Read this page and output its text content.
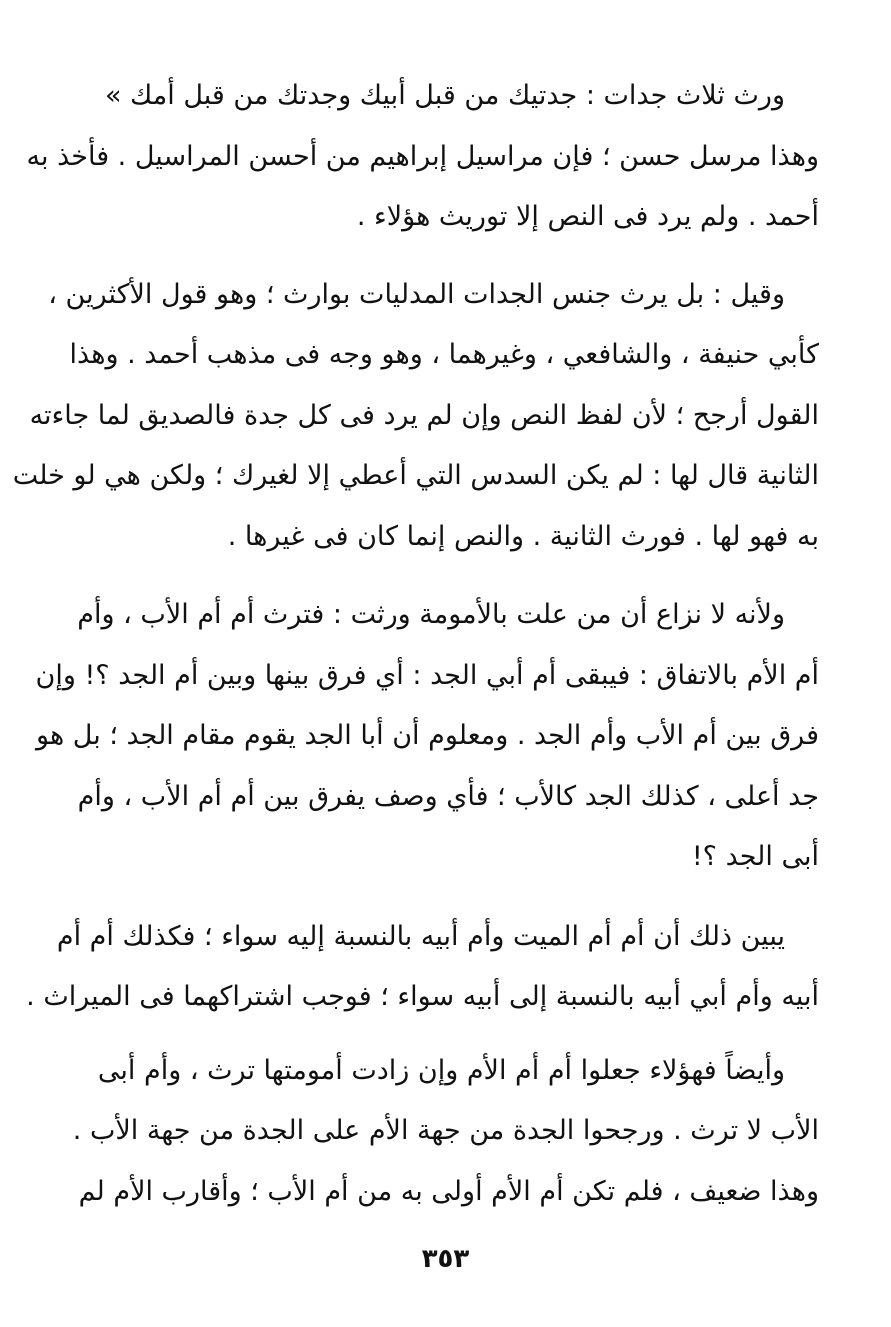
ورث ثلاث جدات : جدتيك من قبل أبيك وجدتك من قبل أمك »
وهذا مرسل حسن ؛ فإن مراسيل إبراهيم من أحسن المراسيل . فأخذ به
أحمد . ولم يرد فى النص إلا توريث هؤلاء .

وقيل : بل يرث جنس الجدات المدليات بوارث ؛ وهو قول الأكثرين ،
كأبي حنيفة ، والشافعي ، وغيرهما ، وهو وجه فى مذهب أحمد . وهذا
القول أرجح ؛ لأن لفظ النص وإن لم يرد فى كل جدة فالصديق لما جاءته
الثانية قال لها : لم يكن السدس التي أعطي إلا لغيرك ؛ ولكن هي لو خلت
به فهو لها . فورث الثانية . والنص إنما كان فى غيرها .

ولأنه لا نزاع أن من علت بالأمومة ورثت : فترث أم أم الأب ، وأم
أم الأم بالاتفاق : فيبقى أم أبي الجد : أي فرق بينها وبين أم الجد ؟! وإن
فرق بين أم الأب وأم الجد . ومعلوم أن أبا الجد يقوم مقام الجد ؛ بل هو
جد أعلى ، كذلك الجد كالأب ؛ فأي وصف يفرق بين أم أم الأب ، وأم
أبى الجد ؟!

يبين ذلك أن أم أم الميت وأم أبيه بالنسبة إليه سواء ؛ فكذلك أم أم
أبيه وأم أبي أبيه بالنسبة إلى أبيه سواء ؛ فوجب اشتراكهما فى الميراث .

وأيضاً فهؤلاء جعلوا أم أم الأم وإن زادت أمومتها ترث ، وأم أبى
الأب لا ترث . ورجحوا الجدة من جهة الأم على الجدة من جهة الأب .
وهذا ضعيف ، فلم تكن أم الأم أولى به من أم الأب ؛ وأقارب الأم لم

٣٥٣
